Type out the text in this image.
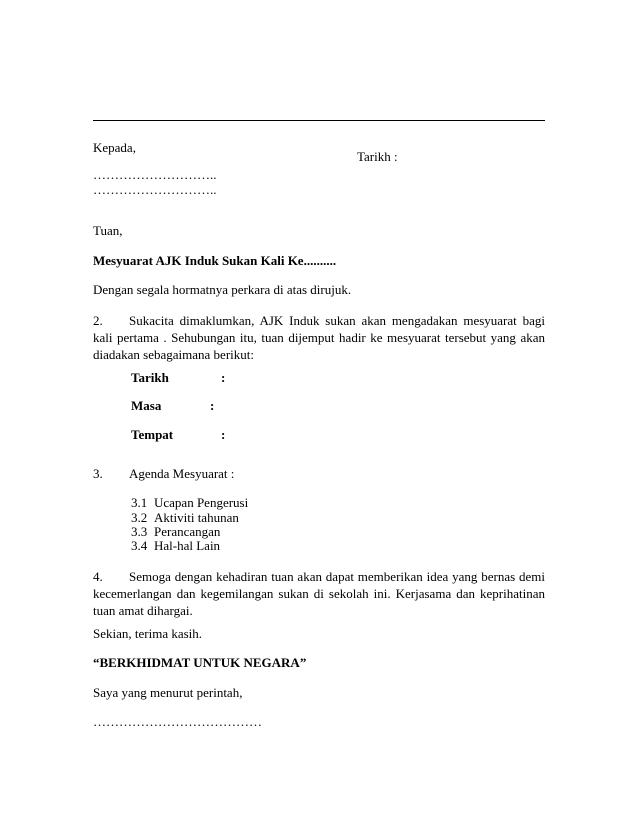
Kepada,
Tarikh :
………………………..
………………………..
Tuan,
Mesyuarat AJK Induk Sukan Kali Ke..........
Dengan segala hormatnya perkara di atas dirujuk.
2. Sukacita dimaklumkan, AJK Induk sukan akan mengadakan mesyuarat bagi kali pertama . Sehubungan itu, tuan dijemput hadir ke mesyuarat tersebut yang akan diadakan sebagaimana berikut:
Tarikh	:
Masa	:
Tempat	:
3. Agenda Mesyuarat :
3.1 Ucapan Pengerusi
3.2 Aktiviti tahunan
3.3 Perancangan
3.4 Hal-hal Lain
4. Semoga dengan kehadiran tuan akan dapat memberikan idea yang bernas demi kecemerlangan dan kegemilangan sukan di sekolah ini. Kerjasama dan keprihatinan tuan amat dihargai.
Sekian, terima kasih.
“BERKHIDMAT UNTUK NEGARA”
Saya yang menurut perintah,
…………………………………
